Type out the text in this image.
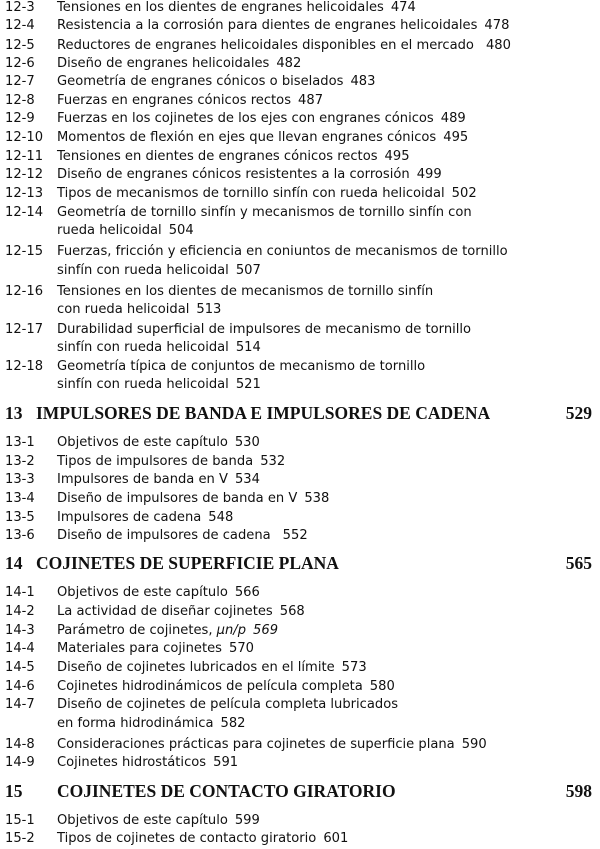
12-3 Tensiones en los dientes de engranes helicoidales 474
12-4 Resistencia a la corrosión para dientes de engranes helicoidales 478
12-5 Reductores de engranes helicoidales disponibles en el mercado 480
12-6 Diseño de engranes helicoidales 482
12-7 Geometría de engranes cónicos o biselados 483
12-8 Fuerzas en engranes cónicos rectos 487
12-9 Fuerzas en los cojinetes de los ejes con engranes cónicos 489
12-10 Momentos de flexión en ejes que llevan engranes cónicos 495
12-11 Tensiones en dientes de engranes cónicos rectos 495
12-12 Diseño de engranes cónicos resistentes a la corrosión 499
12-13 Tipos de mecanismos de tornillo sinfín con rueda helicoidal 502
12-14 Geometría de tornillo sinfín y mecanismos de tornillo sinfín con
rueda helicoidal 504
12-15 Fuerzas, fricción y eficiencia en coniuntos de mecanismos de tornillo
sinfín con rueda helicoidal 507
12-16 Tensiones en los dientes de mecanismos de tornillo sinfín
con rueda helicoidal 513
12-17 Durabilidad superficial de impulsores de mecanismo de tornillo
sinfín con rueda helicoidal 514
12-18 Geometría típica de conjuntos de mecanismo de tornillo
sinfín con rueda helicoidal 521
13 IMPULSORES DE BANDA E IMPULSORES DE CADENA	529
13-1 Objetivos de este capítulo 530
13-2 Tipos de impulsores de banda 532
13-3 Impulsores de banda en V 534
13-4 Diseño de impulsores de banda en V 538
13-5 Impulsores de cadena 548
13-6 Diseño de impulsores de cadena 552
14 COJINETES DE SUPERFICIE PLANA	565
14-1 Objetivos de este capítulo 566
14-2 La actividad de diseñar cojinetes 568
14-3 Parámetro de cojinetes, μn/p 569
14-4 Materiales para cojinetes 570
14-5 Diseño de cojinetes lubricados en el límite 573
14-6 Cojinetes hidrodinámicos de película completa 580
14-7 Diseño de cojinetes de película completa lubricados
en forma hidrodinámica 582
14-8 Consideraciones prácticas para cojinetes de superficie plana 590
14-9 Cojinetes hidrostáticos 591
15 COJINETES DE CONTACTO GIRATORIO	598
15-1 Objetivos de este capítulo 599
15-2 Tipos de cojinetes de contacto giratorio 601
